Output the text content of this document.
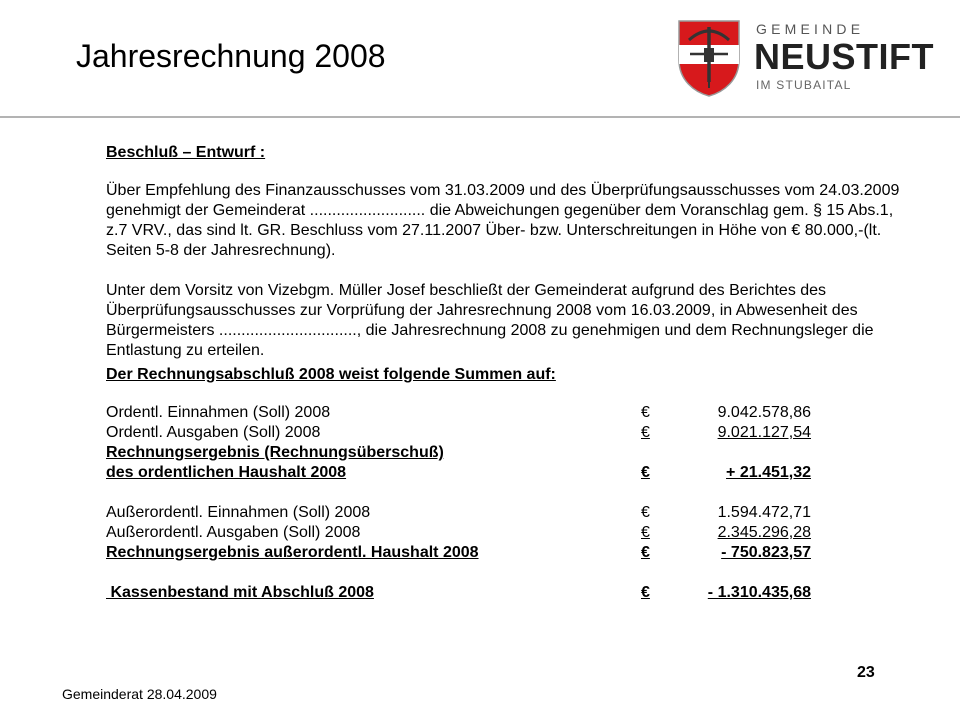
Jahresrechnung 2008
GEMEINDE
NEUSTIFT
IM STUBAITAL
Beschluß – Entwurf :

Über Empfehlung des Finanzausschusses vom 31.03.2009 und des Überprüfungsausschusses vom 24.03.2009 genehmigt der Gemeinderat .......................... die Abweichungen gegenüber dem Voranschlag gem. § 15 Abs.1, z.7 VRV., das sind lt. GR. Beschluss vom 27.11.2007 Über- bzw. Unterschreitungen in Höhe von € 80.000,-(lt. Seiten 5-8 der Jahresrechnung).

Unter dem Vorsitz von Vizebgm. Müller Josef beschließt der Gemeinderat aufgrund des Berichtes des Überprüfungsausschusses zur Vorprüfung der Jahresrechnung 2008 vom 16.03.2009, in Abwesenheit des Bürgermeisters ..............................., die Jahresrechnung 2008 zu genehmigen und dem Rechnungsleger die Entlastung zu erteilen.

Der Rechnungsabschluß 2008 weist folgende Summen auf:
Ordentl. Einnahmen (Soll) 2008	€	9.042.578,86
Ordentl. Ausgaben (Soll) 2008	€	9.021.127,54
Rechnungsergebnis (Rechnungsüberschuß)
des ordentlichen Haushalt 2008	€	+ 21.451,32
Außerordentl. Einnahmen (Soll) 2008	€	1.594.472,71
Außerordentl. Ausgaben (Soll) 2008	€	2.345.296,28
Rechnungsergebnis außerordentl. Haushalt 2008	€	- 750.823,57
Kassenbestand mit Abschluß 2008	€	- 1.310.435,68
23
Gemeinderat 28.04.2009
